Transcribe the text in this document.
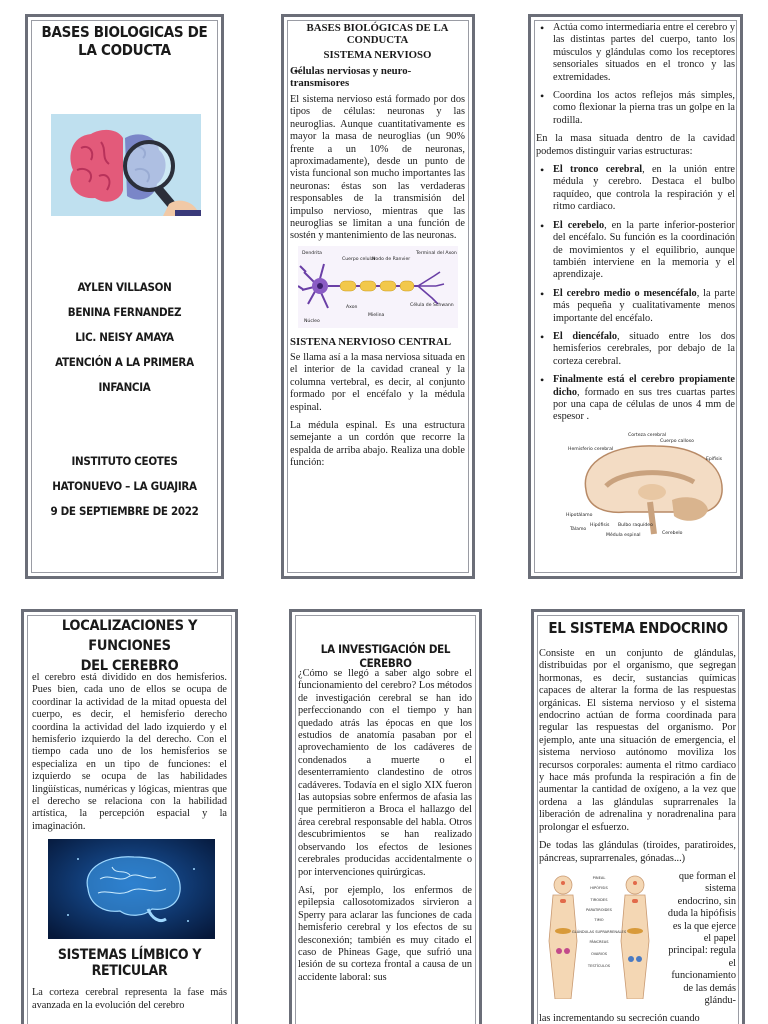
BASES BIOLOGICAS DE LA CODUCTA
AYLEN VILLASON
BENINA FERNANDEZ
LIC. NEISY AMAYA
ATENCIÓN A LA PRIMERA INFANCIA
INSTITUTO CEOTES
HATONUEVO – LA GUAJIRA
9 DE SEPTIEMBRE DE 2022
BASES BIOLÓGICAS DE LA CONDUCTA
SISTEMA NERVIOSO
• Células nerviosas y neuro-transmisores
El sistema nervioso está formado por dos tipos de células: neuronas y las neuroglias. Aunque cuantitativamente es mayor la masa de neuroglias (un 90% frente a un 10% de neuronas, aproximadamente), desde un punto de vista funcional son mucho importantes las neuronas: éstas son las verdaderas responsables de la transmisión del impulso nervioso, mientras que las neuroglias se limitan a una función de sostén y mantenimiento de las neuronas.
Dendrita
Cuerpo celular
Nodo de Ranvier
Terminal del Axon
Célula de Schwann
Axon
Núcleo
Mielina
SISTENA NERVIOSO CENTRAL

Se llama así a la masa nerviosa situada en el interior de la cavidad craneal y la columna vertebral, es decir, al conjunto formado por el encéfalo y la médula espinal.

La médula espinal. Es una estructura semejante a un cordón que recorre la espalda de arriba abajo. Realiza una doble función:

• Actúa como intermediaria entre el cerebro y las distintas partes del cuerpo, tanto los músculos y glándulas como los receptores sensoriales situados en el tronco y las extremidades.

• Coordina los actos reflejos más simples, como flexionar la pierna tras un golpe en la rodilla.

En la masa situada dentro de la cavidad podemos distinguir varias estructuras:

• El tronco cerebral, en la unión entre médula y cerebro. Destaca el bulbo raquídeo, que controla la respiración y el ritmo cardiaco.

• El cerebelo, en la parte inferior-posterior del encéfalo. Su función es la coordinación de movimientos y el equilibrio, aunque también interviene en la memoria y el aprendizaje.

• El cerebro medio o mesencéfalo, la parte más pequeña y cualitativamente menos importante del encéfalo.

• El diencéfalo, situado entre los dos hemisferios cerebrales, por debajo de la corteza cerebral.

• Finalmente está el cerebro propiamente dicho, formado en sus tres cuartas partes por una capa de células de unos 4 mm de espesor .

Corteza cerebral
Cuerpo calloso
Hemisferio cerebral
Epífisis
Hipotálamo
Hipófisis Bulbo raquídeo
Tálamo
Médula espinal	Cerebelo
LOCALIZACIONES Y FUNCIONES
DEL CEREBRO
el cerebro está dividido en dos hemisferios. Pues bien, cada uno de ellos se ocupa de coordinar la actividad de la mitad opuesta del cuerpo, es decir, el hemisferio derecho coordina la actividad del lado izquierdo y el hemisferio izquierdo la del derecho. Con el tiempo cada uno de los hemisferios se especializa en un tipo de funciones: el izquierdo se ocupa de las habilidades lingüísticas, numéricas y lógicas, mientras que el derecho se relaciona con la habilidad artística, la percepción espacial y la imaginación.
SISTEMAS LÍMBICO Y RETICULAR
La corteza cerebral representa la fase más avanzada en la evolución del cerebro
LA INVESTIGACIÓN DEL CEREBRO

¿Cómo se llegó a saber algo sobre el funcionamiento del cerebro? Los métodos de investigación cerebral se han ido perfeccionando con el tiempo y han quedado atrás las épocas en que los estudios de anatomía pasaban por el aprovechamiento de los cadáveres de condenados a muerte o el desenterramiento clandestino de otros cadáveres. Todavía en el siglo XIX fueron las autopsias sobre enfermos de afasia las que permitieron a Broca el hallazgo del área cerebral responsable del habla. Otros descubrimientos se han realizado observando los efectos de lesiones cerebrales producidas accidentalmente o por intervenciones quirúrgicas.

Así, por ejemplo, los enfermos de epilepsia callosotomizados sirvieron a Sperry para aclarar las funciones de cada hemisferio cerebral y los efectos de su desconexión; también es muy citado el caso de Phineas Gage, que sufrió una lesión de su corteza frontal a causa de un accidente laboral: sus

EL SISTEMA ENDOCRINO

Consiste en un conjunto de glándulas, distribuidas por el organismo, que segregan hormonas, es decir, sustancias químicas capaces de alterar la forma de las respuestas orgánicas. El sistema nervioso y el sistema endocrino actúan de forma coordinada para regular las respuestas del organismo. Por ejemplo, ante una situación de emergencia, el sistema nervioso autónomo moviliza los recursos corporales: aumenta el ritmo cardiaco y hace más profunda la respiración a fin de aumentar la cantidad de oxígeno, a la vez que ordena a las glándulas suprarrenales la liberación de adrenalina y noradrenalina para prolongar el esfuerzo.

De todas las glándulas (tiroides, paratiroides, páncreas, suprarrenales, gónadas...)

PINEAL
HIPÓFISIS
TIROIDES
PARATIROIDES
TIMO
GLÁNDULAS SUPRARRENALES
PÁNCREAS
OVARIOS
TESTÍCULOS

que forman el sistema endocrino, sin duda la hipófisis es la que ejerce el papel principal: regula el funcionamiento de las demás glándu-

las incrementando su secreción cuando
